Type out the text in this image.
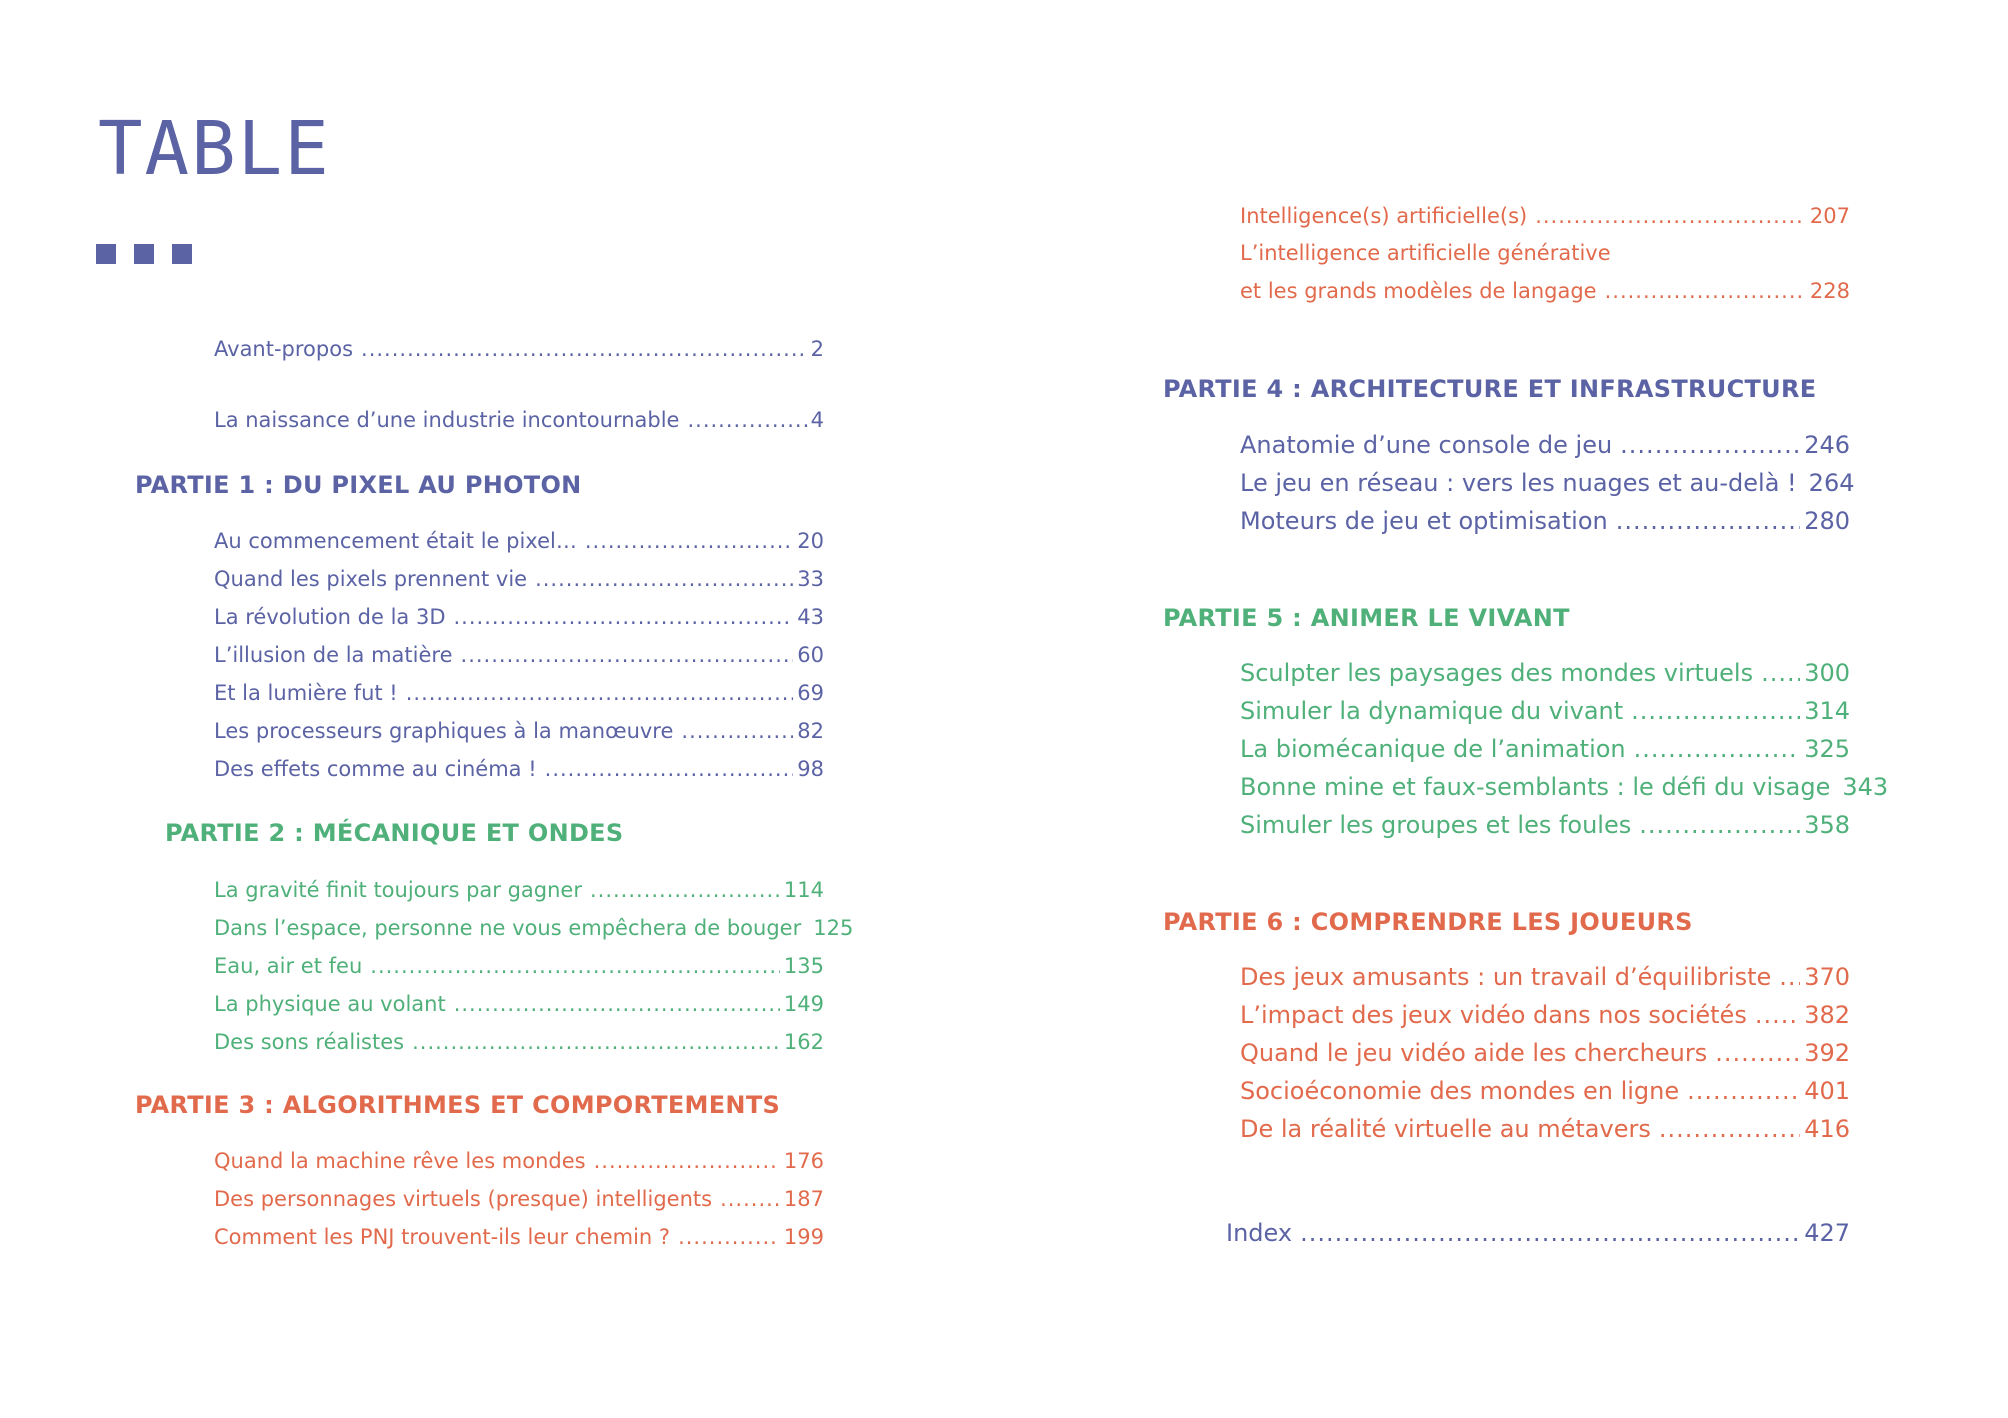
TABLE
Avant-propos .....	2
La naissance d’une industrie incontournable .....	4
PARTIE 1 : DU PIXEL AU PHOTON
Au commencement était le pixel… .....	20
Quand les pixels prennent vie .....	33
La révolution de la 3D .....	43
L’illusion de la matière .....	60
Et la lumière fut ! .....	69
Les processeurs graphiques à la manœuvre .....	82
Des effets comme au cinéma ! .....	98
PARTIE 2 : MÉCANIQUE ET ONDES
La gravité finit toujours par gagner .....	114
Dans l’espace, personne ne vous empêchera de bouger 125
Eau, air et feu .....	135
La physique au volant .....	149
Des sons réalistes .....	162
PARTIE 3 : ALGORITHMES ET COMPORTEMENTS
Quand la machine rêve les mondes .....	176
Des personnages virtuels (presque) intelligents .....	187
Comment les PNJ trouvent-ils leur chemin ? .....	199
Intelligence(s) artificielle(s) .....	207
L’intelligence artificielle générative
et les grands modèles de langage .....	228
PARTIE 4 : ARCHITECTURE ET INFRASTRUCTURE
Anatomie d’une console de jeu .....	246
Le jeu en réseau : vers les nuages et au-delà ! 264
Moteurs de jeu et optimisation .....	280
PARTIE 5 : ANIMER LE VIVANT
Sculpter les paysages des mondes virtuels ..... 300
Simuler la dynamique du vivant .....	314
La biomécanique de l’animation .....	325
Bonne mine et faux-semblants : le défi du visage 343
Simuler les groupes et les foules .....	358
PARTIE 6 : COMPRENDRE LES JOUEURS
Des jeux amusants : un travail d’équilibriste ..... 370
L’impact des jeux vidéo dans nos sociétés ..... 382
Quand le jeu vidéo aide les chercheurs .....	392
Socioéconomie des mondes en ligne .....	401
De la réalité virtuelle au métavers .....	416
Index .....	427
